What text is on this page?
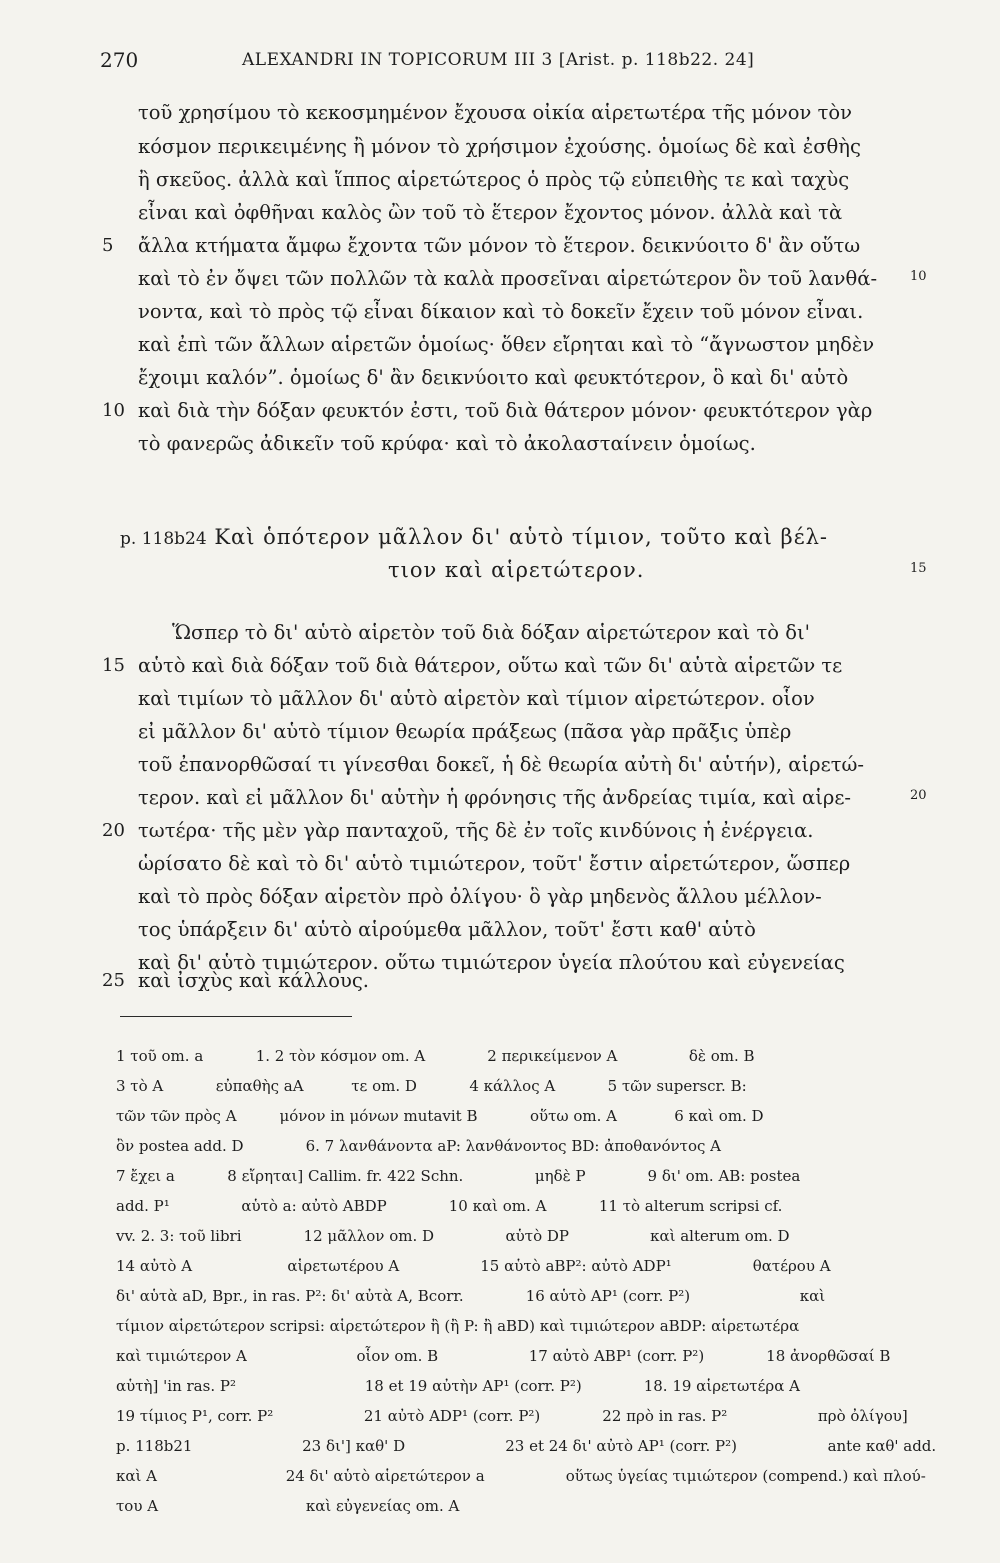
270	ALEXANDRI IN TOPICORUM III 3 [Arist. p. 118b22. 24]
τοῦ χρησίμου τὸ κεκοσμημένον ἔχουσα οἰκία αἱρετωτέρα τῆς μόνον τὸν
κόσμον περικειμένης ἢ μόνον τὸ χρήσιμον ἐχούσης. ὁμοίως δὲ καὶ ἐσθὴς
ἢ σκεῦος. ἀλλὰ καὶ ἵππος αἱρετώτερος ὁ πρὸς τῷ εὐπειθὴς τε καὶ ταχὺς
εἶναι καὶ ὀφθῆναι καλὸς ὢν τοῦ τὸ ἕτερον ἔχοντος μόνον. ἀλλὰ καὶ τὰ
ἄλλα κτήματα ἄμφω ἔχοντα τῶν μόνον τὸ ἕτερον. δεικνύοιτο δ' ἂν οὕτω
καὶ τὸ ἐν ὄψει τῶν πολλῶν τὰ καλὰ προσεῖναι αἱρετώτερον ὂν τοῦ λανθά-
νοντα, καὶ τὸ πρὸς τῷ εἶναι δίκαιον καὶ τὸ δοκεῖν ἔχειν τοῦ μόνον εἶναι.
καὶ ἐπὶ τῶν ἄλλων αἱρετῶν ὁμοίως· ὅθεν εἴρηται καὶ τὸ “ἄγνωστον μηδὲν
ἔχοιμι καλόν”. ὁμοίως δ' ἂν δεικνύοιτο καὶ φευκτότερον, ὃ καὶ δι' αὑτὸ
καὶ διὰ τὴν δόξαν φευκτόν ἐστι, τοῦ διὰ θάτερον μόνον· φευκτότερον γὰρ
τὸ φανερῶς ἀδικεῖν τοῦ κρύφα· καὶ τὸ ἀκολασταίνειν ὁμοίως.
5
10
10
p. 118b24 Καὶ ὁπότερον μᾶλλον δι' αὑτὸ τίμιον, τοῦτο καὶ βέλ-
τιον καὶ αἱρετώτερον.	15
Ὥσπερ τὸ δι' αὑτὸ αἱρετὸν τοῦ διὰ δόξαν αἱρετώτερον καὶ τὸ δι'
αὑτὸ καὶ διὰ δόξαν τοῦ διὰ θάτερον, οὕτω καὶ τῶν δι' αὑτὰ αἱρετῶν τε
καὶ τιμίων τὸ μᾶλλον δι' αὑτὸ αἱρετὸν καὶ τίμιον αἱρετώτερον. οἷον
εἰ μᾶλλον δι' αὑτὸ τίμιον θεωρία πράξεως (πᾶσα γὰρ πρᾶξις ὑπὲρ
τοῦ ἐπανορθῶσαί τι γίνεσθαι δοκεῖ, ἡ δὲ θεωρία αὐτὴ δι' αὑτήν), αἱρετώ-
τερον. καὶ εἰ μᾶλλον δι' αὑτὴν ἡ φρόνησις τῆς ἀνδρείας τιμία, καὶ αἱρε-
τωτέρα· τῆς μὲν γὰρ πανταχοῦ, τῆς δὲ ἐν τοῖς κινδύνοις ἡ ἐνέργεια.
ὡρίσατο δὲ καὶ τὸ δι' αὑτὸ τιμιώτερον, τοῦτ' ἔστιν αἱρετώτερον, ὥσπερ
καὶ τὸ πρὸς δόξαν αἱρετὸν πρὸ ὀλίγου· ὃ γὰρ μηδενὸς ἄλλου μέλλον-
τος ὑπάρξειν δι' αὑτὸ αἱρούμεθα μᾶλλον, τοῦτ' ἔστι καθ' αὑτὸ
καὶ δι' αὑτὸ τιμιώτερον. οὕτω τιμιώτερον ὑγεία πλούτου καὶ εὐγενείας
καὶ ἰσχὺς καὶ κάλλους.
15
20
25
20
1 τοῦ om. a	1. 2 τὸν κόσμον om. A	2 περικείμενον A	δὲ om. B
3 τὸ A	εὐπαθὴς aA	τε om. D	4 κάλλος A	5 τῶν superscr. B:
τῶν τῶν πρὸς A	μόνον in μόνων mutavit B	οὕτω om. A	6 καὶ om. D
ὂν postea add. D	6. 7 λανθάνοντα aP: λανθάνοντος BD: ἀποθανόντος A
7 ἔχει a	8 εἴρηται] Callim. fr. 422 Schn.	μηδὲ P	9 δι' om. AB: postea
add. P¹	αὑτὸ a: αὐτὸ ABDP	10 καὶ om. A	11 τὸ alterum scripsi cf.
vv. 2. 3: τοῦ libri	12 μᾶλλον om. D	αὑτὸ DP	καὶ alterum om. D
14 αὐτὸ A	αἱρετωτέρου A	15 αὑτὸ aBP²: αὐτὸ ADP¹	θατέρου A
δι' αὑτὰ aD, Bpr., in ras. P²: δι' αὐτὰ A, Bcorr.	16 αὑτὸ AP¹ (corr. P²)	καὶ
τίμιον αἱρετώτερον scripsi: αἱρετώτερον ἢ (ἢ P: ἢ aBD) καὶ τιμιώτερον aBDP: αἱρετωτέρα
καὶ τιμιώτερον A	οἷον om. B	17 αὐτὸ ABP¹ (corr. P²)	18 ἀνορθῶσαί B
αὑτὴ] 'in ras. P²	18 et 19 αὐτὴν AP¹ (corr. P²)	18. 19 αἱρετωτέρα A
19 τίμιος P¹, corr. P²	21 αὐτὸ ADP¹ (corr. P²)	22 πρὸ in ras. P²	πρὸ ὀλίγου]
p. 118b21	23 δι'] καθ' D	23 et 24 δι' αὐτὸ AP¹ (corr. P²)	ante καθ' add.
καὶ A	24 δι' αὑτὸ αἱρετώτερον a	οὕτως ὑγείας τιμιώτερον (compend.) καὶ πλού-
του A	καὶ εὐγενείας om. A
